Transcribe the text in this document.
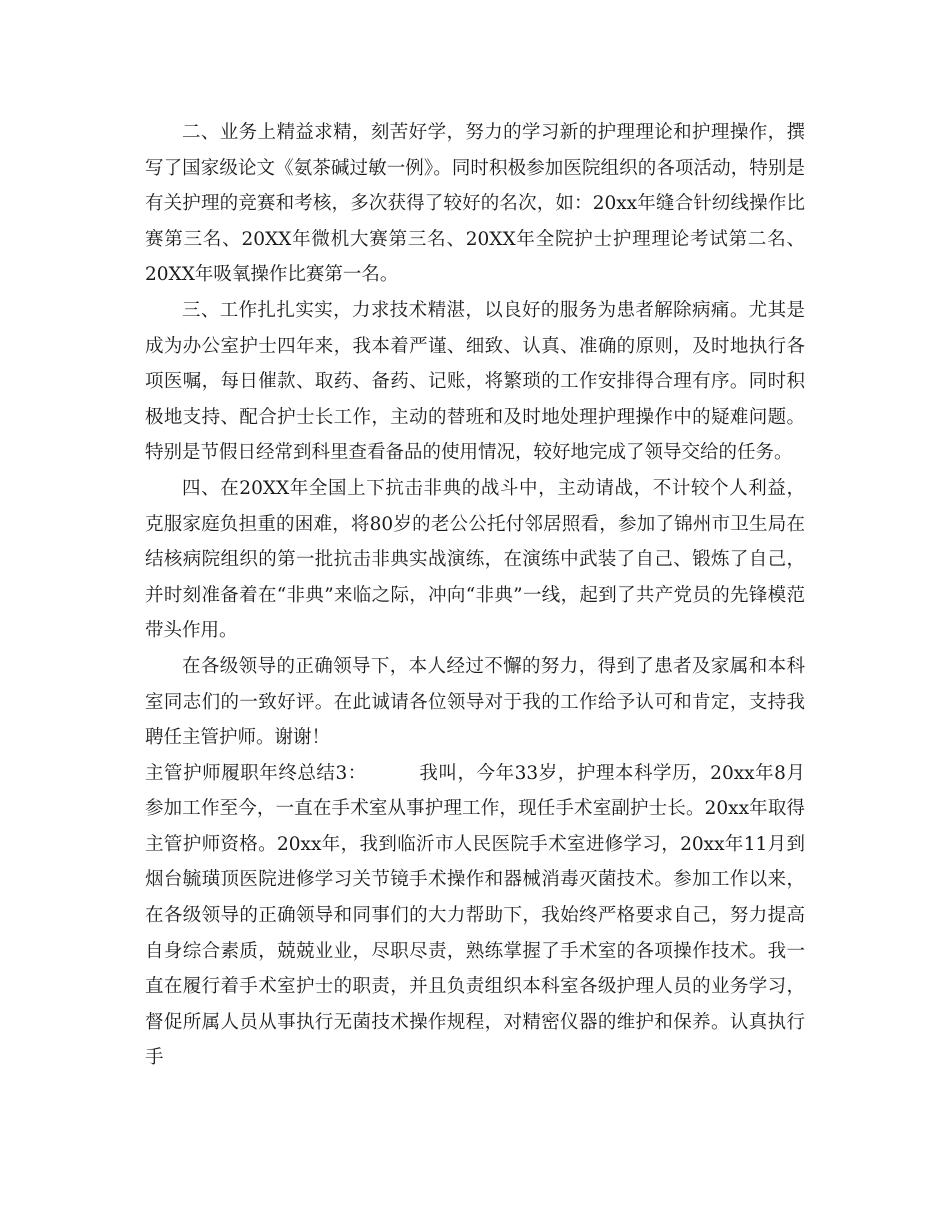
二、业务上精益求精，刻苦好学，努力的学习新的护理理论和护理操作，撰写了国家级论文《氨茶碱过敏一例》。同时积极参加医院组织的各项活动，特别是有关护理的竞赛和考核，多次获得了较好的名次，如：20xx年缝合针纫线操作比赛第三名、20XX年微机大赛第三名、20XX年全院护士护理理论考试第二名、20XX年吸氧操作比赛第一名。

三、工作扎扎实实，力求技术精湛，以良好的服务为患者解除病痛。尤其是成为办公室护士四年来，我本着严谨、细致、认真、准确的原则，及时地执行各项医嘱，每日催款、取药、备药、记账，将繁琐的工作安排得合理有序。同时积极地支持、配合护士长工作，主动的替班和及时地处理护理操作中的疑难问题。特别是节假日经常到科里查看备品的使用情况，较好地完成了领导交给的任务。

四、在20XX年全国上下抗击非典的战斗中，主动请战，不计较个人利益，克服家庭负担重的困难，将80岁的老公公托付邻居照看，参加了锦州市卫生局在结核病院组织的第一批抗击非典实战演练，在演练中武装了自己、锻炼了自己，并时刻准备着在“非典”来临之际，冲向“非典”一线，起到了共产党员的先锋模范带头作用。

在各级领导的正确领导下，本人经过不懈的努力，得到了患者及家属和本科室同志们的一致好评。在此诚请各位领导对于我的工作给予认可和肯定，支持我聘任主管护师。谢谢！

主管护师履职年终总结3：	我叫，今年33岁，护理本科学历，20xx年8月参加工作至今，一直在手术室从事护理工作，现任手术室副护士长。20xx年取得主管护师资格。20xx年，我到临沂市人民医院手术室进修学习，20xx年11月到烟台毓璜顶医院进修学习关节镜手术操作和器械消毒灭菌技术。参加工作以来，在各级领导的正确领导和同事们的大力帮助下，我始终严格要求自己，努力提高自身综合素质，兢兢业业，尽职尽责，熟练掌握了手术室的各项操作技术。我一直在履行着手术室护士的职责，并且负责组织本科室各级护理人员的业务学习，督促所属人员从事执行无菌技术操作规程，对精密仪器的维护和保养。认真执行手
